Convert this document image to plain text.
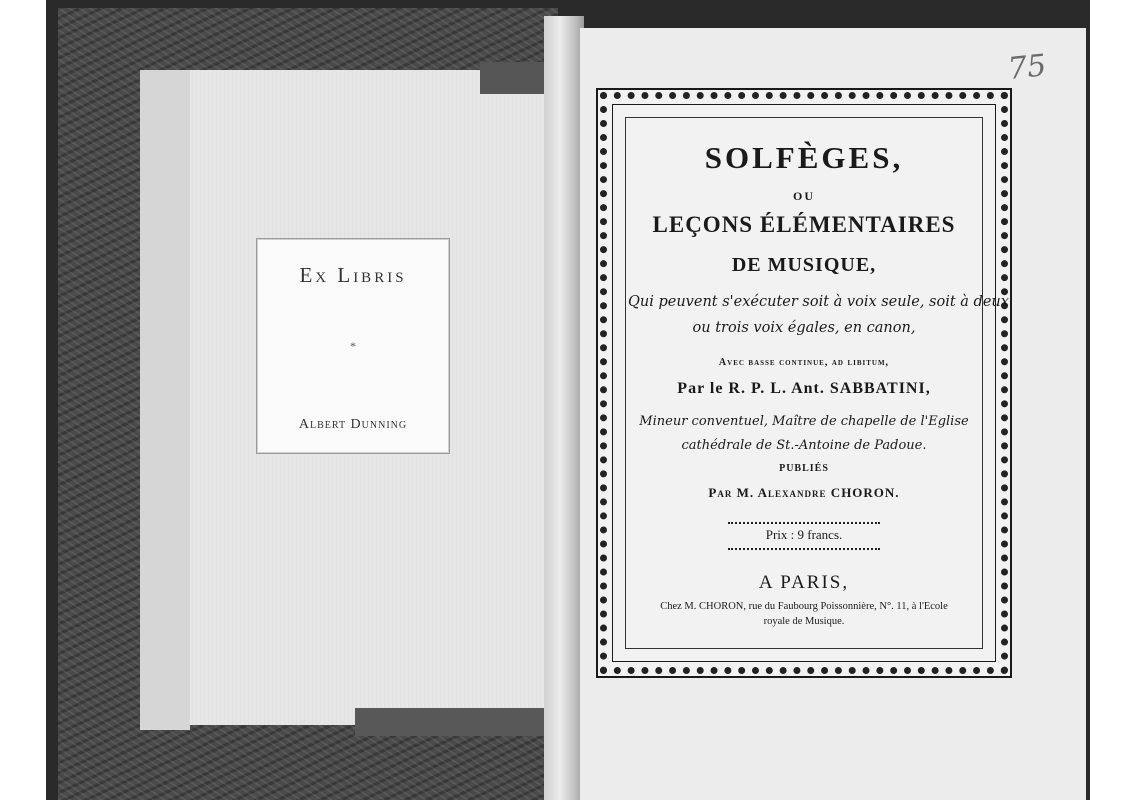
Ex Libris
*
Albert Dunning
75
SOLFÈGES,
OU
LEÇONS ÉLÉMENTAIRES
DE MUSIQUE,
Qui peuvent s'exécuter soit à voix seule, soit à deux
ou trois voix égales, en canon,
Avec basse continue, ad libitum,
Par le R. P. L. Ant. SABBATINI,
Mineur conventuel, Maître de chapelle de l'Eglise
cathédrale de St.-Antoine de Padoue.
PUBLIÉS
Par M. Alexandre CHORON.
Prix : 9 francs.
A PARIS,
Chez M. CHORON, rue du Faubourg Poissonnière, N°. 11, à l'Ecole
royale de Musique.
